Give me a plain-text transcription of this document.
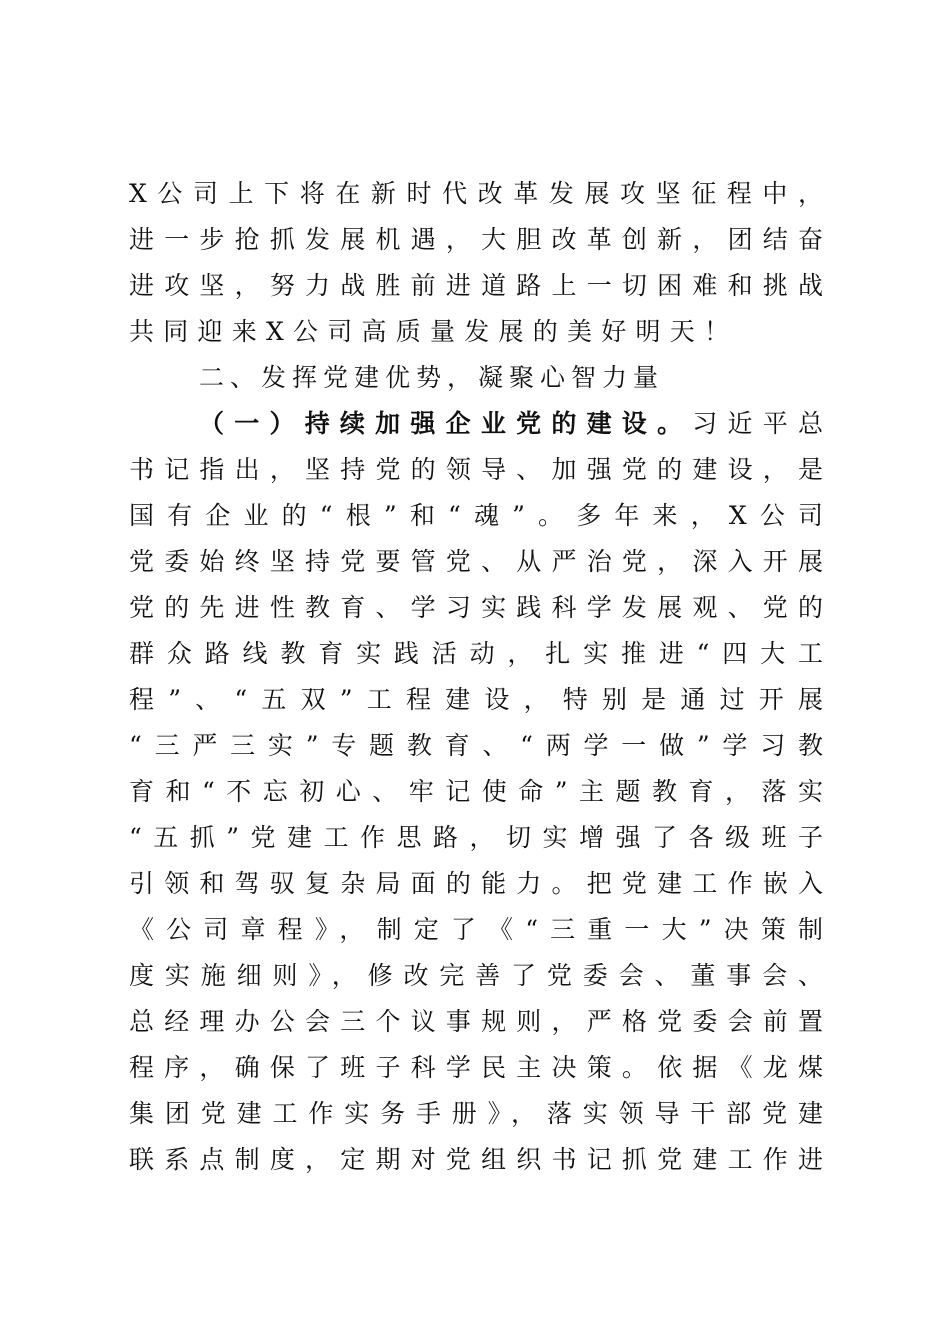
X公司上下将在新时代改革发展攻坚征程中，
进一步抢抓发展机遇，大胆改革创新，团结奋
进攻坚，努力战胜前进道路上一切困难和挑战
共同迎来X公司高质量发展的美好明天！
二、发挥党建优势，凝聚心智力量
（一）持续加强企业党的建设。习近平总
书记指出，坚持党的领导、加强党的建设，是
国有企业的“根”和“魂”。多年来，X公司
党委始终坚持党要管党、从严治党，深入开展
党的先进性教育、学习实践科学发展观、党的
群众路线教育实践活动，扎实推进“四大工
程”、“五双”工程建设，特别是通过开展
“三严三实”专题教育、“两学一做”学习教
育和“不忘初心、牢记使命”主题教育，落实
“五抓”党建工作思路，切实增强了各级班子
引领和驾驭复杂局面的能力。把党建工作嵌入
《公司章程》，制定了《“三重一大”决策制
度实施细则》，修改完善了党委会、董事会、
总经理办公会三个议事规则，严格党委会前置
程序，确保了班子科学民主决策。依据《龙煤
集团党建工作实务手册》，落实领导干部党建
联系点制度，定期对党组织书记抓党建工作进
